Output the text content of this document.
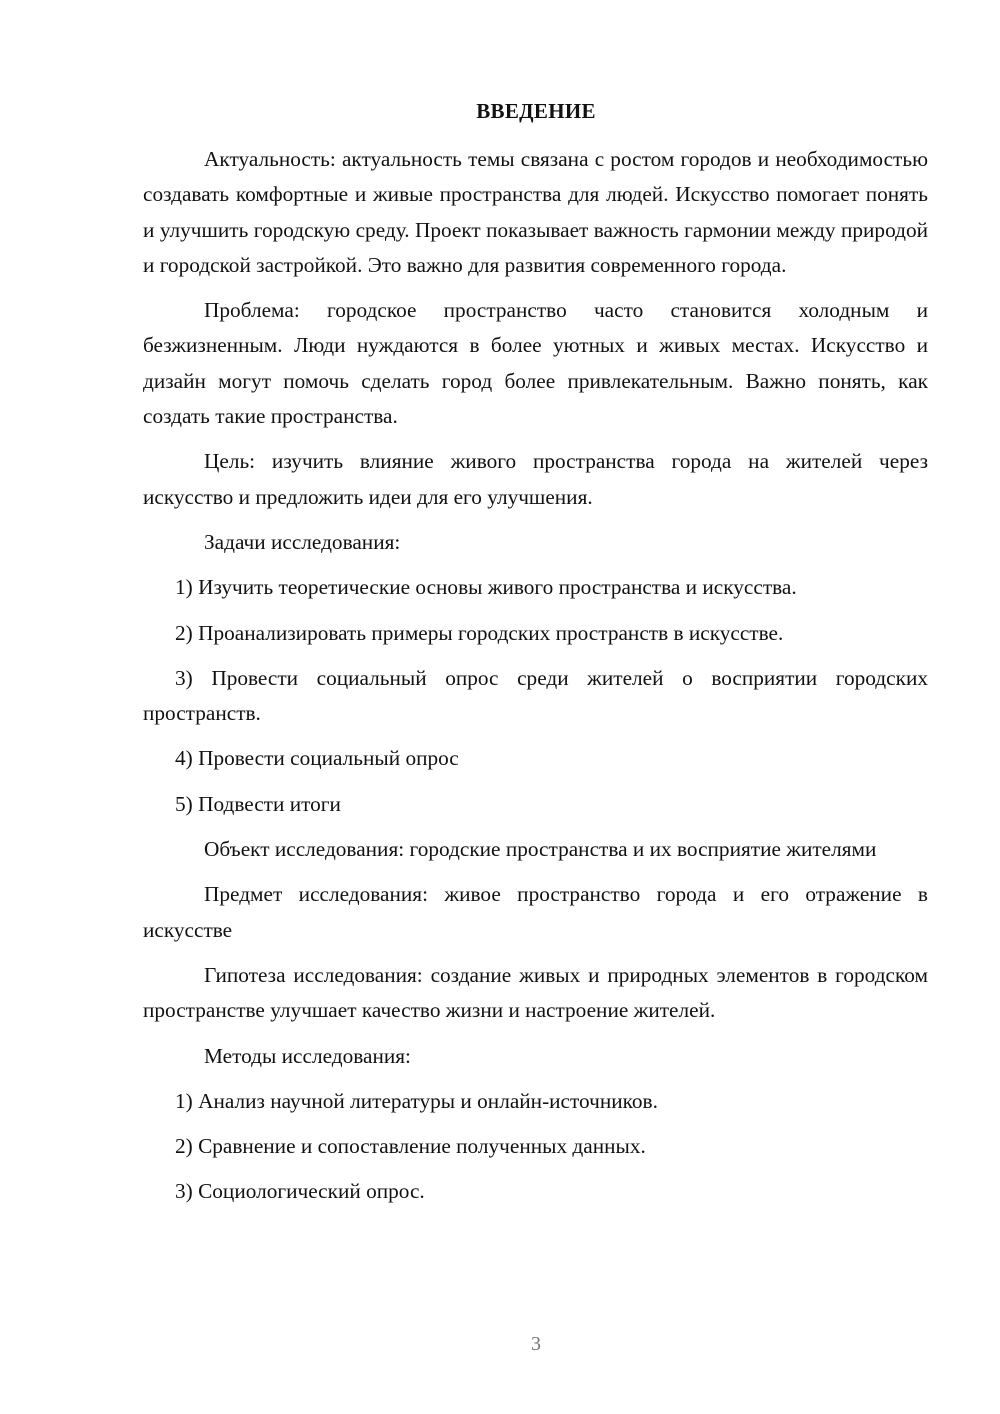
ВВЕДЕНИЕ

Актуальность: актуальность темы связана с ростом городов и необходимостью создавать комфортные и живые пространства для людей. Искусство помогает понять и улучшить городскую среду. Проект показывает важность гармонии между природой и городской застройкой. Это важно для развития современного города.

Проблема: городское пространство часто становится холодным и безжизненным. Люди нуждаются в более уютных и живых местах. Искусство и дизайн могут помочь сделать город более привлекательным. Важно понять, как создать такие пространства.

Цель: изучить влияние живого пространства города на жителей через искусство и предложить идеи для его улучшения.

Задачи исследования:

1) Изучить теоретические основы живого пространства и искусства.

2) Проанализировать примеры городских пространств в искусстве.

3) Провести социальный опрос среди жителей о восприятии городских пространств.

4) Провести социальный опрос

5) Подвести итоги

Объект исследования: городские пространства и их восприятие жителями

Предмет исследования: живое пространство города и его отражение в искусстве

Гипотеза исследования: создание живых и природных элементов в городском пространстве улучшает качество жизни и настроение жителей.

Методы исследования:

1) Анализ научной литературы и онлайн-источников.

2) Сравнение и сопоставление полученных данных.

3) Социологический опрос.

3
